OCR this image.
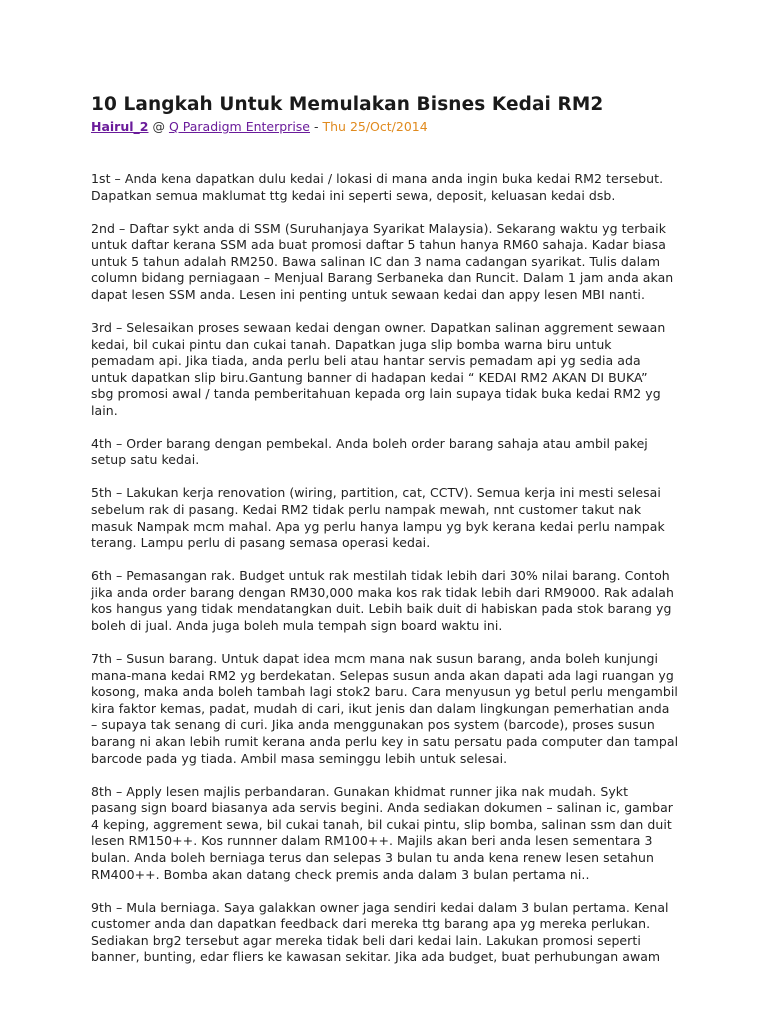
10 Langkah Untuk Memulakan Bisnes Kedai RM2
Hairul_2 @ Q Paradigm Enterprise - Thu 25/Oct/2014
1st – Anda kena dapatkan dulu kedai / lokasi di mana anda ingin buka kedai RM2 tersebut.
Dapatkan semua maklumat ttg kedai ini seperti sewa, deposit, keluasan kedai dsb.
2nd – Daftar sykt anda di SSM (Suruhanjaya Syarikat Malaysia). Sekarang waktu yg terbaik
untuk daftar kerana SSM ada buat promosi daftar 5 tahun hanya RM60 sahaja. Kadar biasa
untuk 5 tahun adalah RM250. Bawa salinan IC dan 3 nama cadangan syarikat. Tulis dalam
column bidang perniagaan – Menjual Barang Serbaneka dan Runcit. Dalam 1 jam anda akan
dapat lesen SSM anda. Lesen ini penting untuk sewaan kedai dan appy lesen MBI nanti.
3rd – Selesaikan proses sewaan kedai dengan owner. Dapatkan salinan aggrement sewaan
kedai, bil cukai pintu dan cukai tanah. Dapatkan juga slip bomba warna biru untuk
pemadam api. Jika tiada, anda perlu beli atau hantar servis pemadam api yg sedia ada
untuk dapatkan slip biru.Gantung banner di hadapan kedai “ KEDAI RM2 AKAN DI BUKA”
sbg promosi awal / tanda pemberitahuan kepada org lain supaya tidak buka kedai RM2 yg
lain.
4th – Order barang dengan pembekal. Anda boleh order barang sahaja atau ambil pakej
setup satu kedai.
5th – Lakukan kerja renovation (wiring, partition, cat, CCTV). Semua kerja ini mesti selesai
sebelum rak di pasang. Kedai RM2 tidak perlu nampak mewah, nnt customer takut nak
masuk Nampak mcm mahal. Apa yg perlu hanya lampu yg byk kerana kedai perlu nampak
terang. Lampu perlu di pasang semasa operasi kedai.
6th – Pemasangan rak. Budget untuk rak mestilah tidak lebih dari 30% nilai barang. Contoh
jika anda order barang dengan RM30,000 maka kos rak tidak lebih dari RM9000. Rak adalah
kos hangus yang tidak mendatangkan duit. Lebih baik duit di habiskan pada stok barang yg
boleh di jual. Anda juga boleh mula tempah sign board waktu ini.
7th – Susun barang. Untuk dapat idea mcm mana nak susun barang, anda boleh kunjungi
mana-mana kedai RM2 yg berdekatan. Selepas susun anda akan dapati ada lagi ruangan yg
kosong, maka anda boleh tambah lagi stok2 baru. Cara menyusun yg betul perlu mengambil
kira faktor kemas, padat, mudah di cari, ikut jenis dan dalam lingkungan pemerhatian anda
– supaya tak senang di curi. Jika anda menggunakan pos system (barcode), proses susun
barang ni akan lebih rumit kerana anda perlu key in satu persatu pada computer dan tampal
barcode pada yg tiada. Ambil masa seminggu lebih untuk selesai.
8th – Apply lesen majlis perbandaran. Gunakan khidmat runner jika nak mudah. Sykt
pasang sign board biasanya ada servis begini. Anda sediakan dokumen – salinan ic, gambar
4 keping, aggrement sewa, bil cukai tanah, bil cukai pintu, slip bomba, salinan ssm dan duit
lesen RM150++. Kos runnner dalam RM100++. Majils akan beri anda lesen sementara 3
bulan. Anda boleh berniaga terus dan selepas 3 bulan tu anda kena renew lesen setahun
RM400++. Bomba akan datang check premis anda dalam 3 bulan pertama ni..
9th – Mula berniaga. Saya galakkan owner jaga sendiri kedai dalam 3 bulan pertama. Kenal
customer anda dan dapatkan feedback dari mereka ttg barang apa yg mereka perlukan.
Sediakan brg2 tersebut agar mereka tidak beli dari kedai lain. Lakukan promosi seperti
banner, bunting, edar fliers ke kawasan sekitar. Jika ada budget, buat perhubungan awam
